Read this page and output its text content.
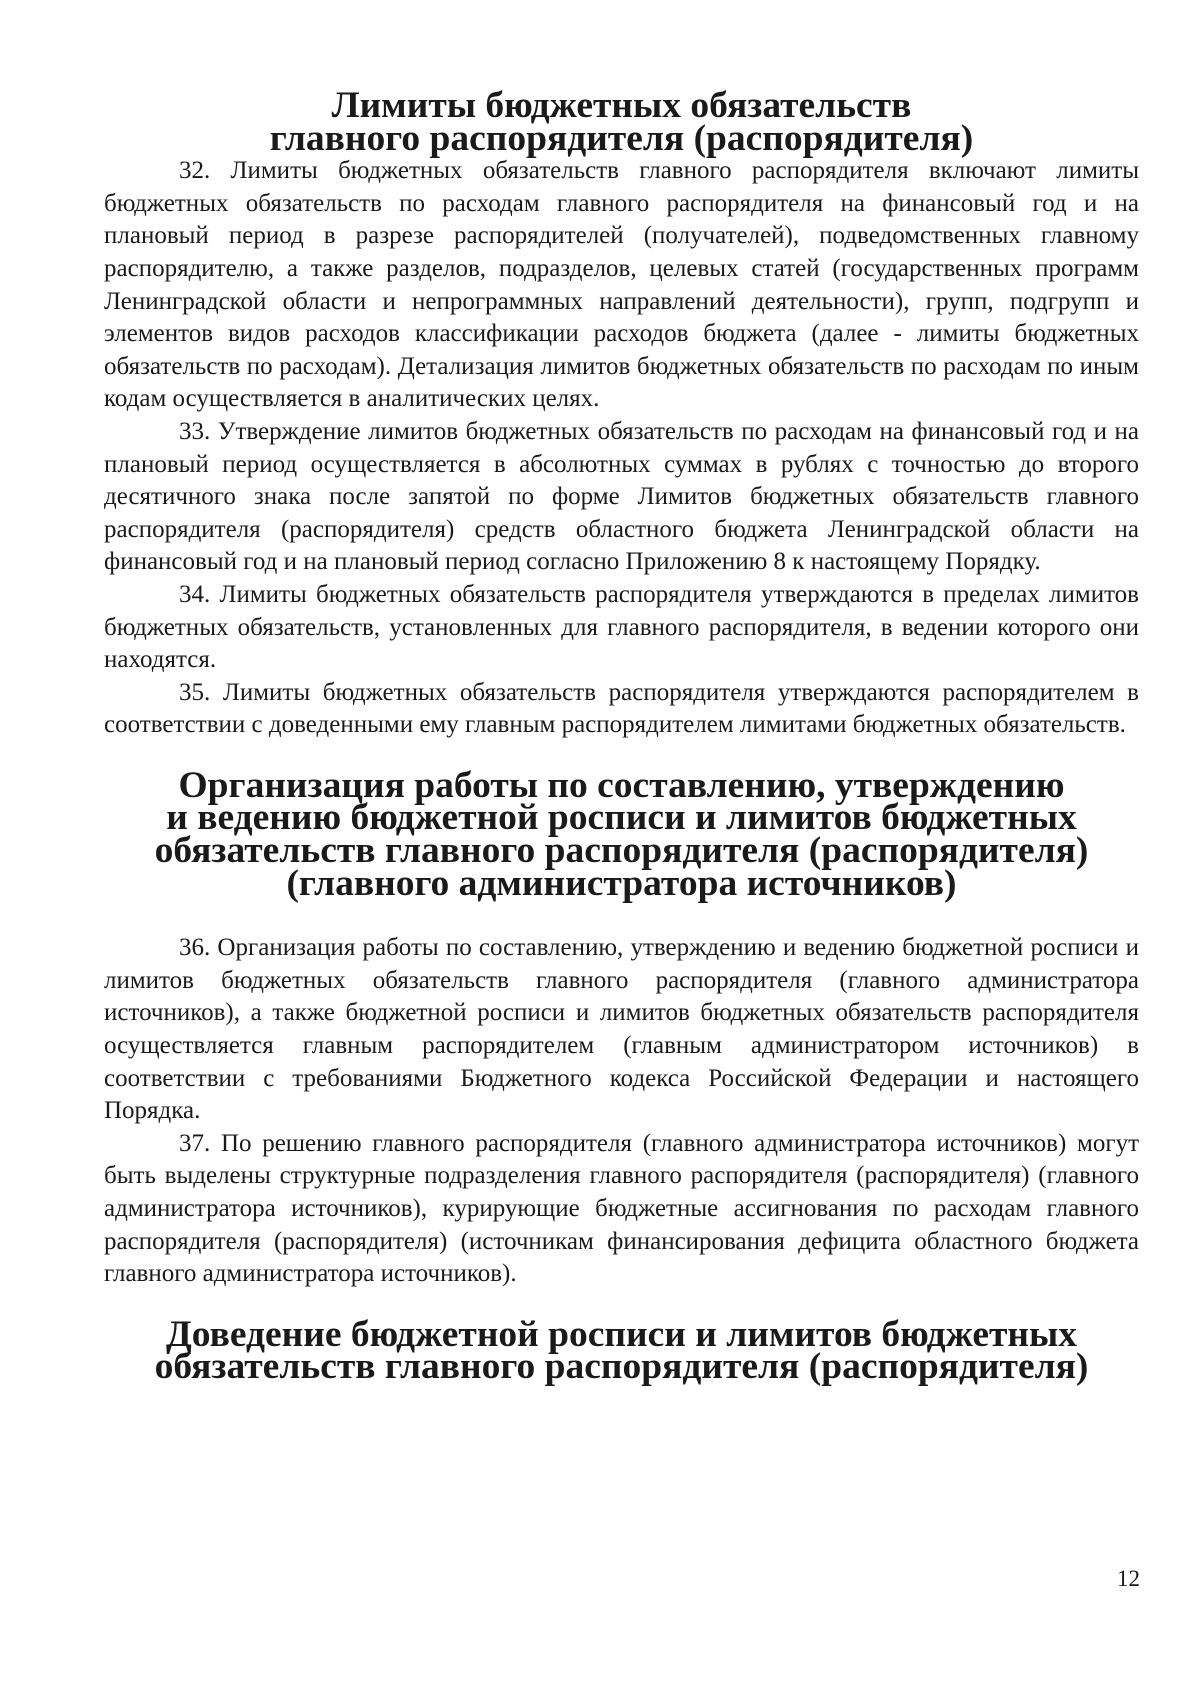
Лимиты бюджетных обязательств
главного распорядителя (распорядителя)

32. Лимиты бюджетных обязательств главного распорядителя включают лимиты бюджетных обязательств по расходам главного распорядителя на финансовый год и на плановый период в разрезе распорядителей (получателей), подведомственных главному распорядителю, а также разделов, подразделов, целевых статей (государственных программ Ленинградской области и непрограммных направлений деятельности), групп, подгрупп и элементов видов расходов классификации расходов бюджета (далее - лимиты бюджетных обязательств по расходам). Детализация лимитов бюджетных обязательств по расходам по иным кодам осуществляется в аналитических целях.

33. Утверждение лимитов бюджетных обязательств по расходам на финансовый год и на плановый период осуществляется в абсолютных суммах в рублях с точностью до второго десятичного знака после запятой по форме Лимитов бюджетных обязательств главного распорядителя (распорядителя) средств областного бюджета Ленинградской области на финансовый год и на плановый период согласно Приложению 8 к настоящему Порядку.

34. Лимиты бюджетных обязательств распорядителя утверждаются в пределах лимитов бюджетных обязательств, установленных для главного распорядителя, в ведении которого они находятся.

35. Лимиты бюджетных обязательств распорядителя утверждаются распорядителем в соответствии с доведенными ему главным распорядителем лимитами бюджетных обязательств.

Организация работы по составлению, утверждению
и ведению бюджетной росписи и лимитов бюджетных
обязательств главного распорядителя (распорядителя)
(главного администратора источников)

36. Организация работы по составлению, утверждению и ведению бюджетной росписи и лимитов бюджетных обязательств главного распорядителя (главного администратора источников), а также бюджетной росписи и лимитов бюджетных обязательств распорядителя осуществляется главным распорядителем (главным администратором источников) в соответствии с требованиями Бюджетного кодекса Российской Федерации и настоящего Порядка.

37. По решению главного распорядителя (главного администратора источников) могут быть выделены структурные подразделения главного распорядителя (распорядителя) (главного администратора источников), курирующие бюджетные ассигнования по расходам главного распорядителя (распорядителя) (источникам финансирования дефицита областного бюджета главного администратора источников).

Доведение бюджетной росписи и лимитов бюджетных
обязательств главного распорядителя (распорядителя)
12
